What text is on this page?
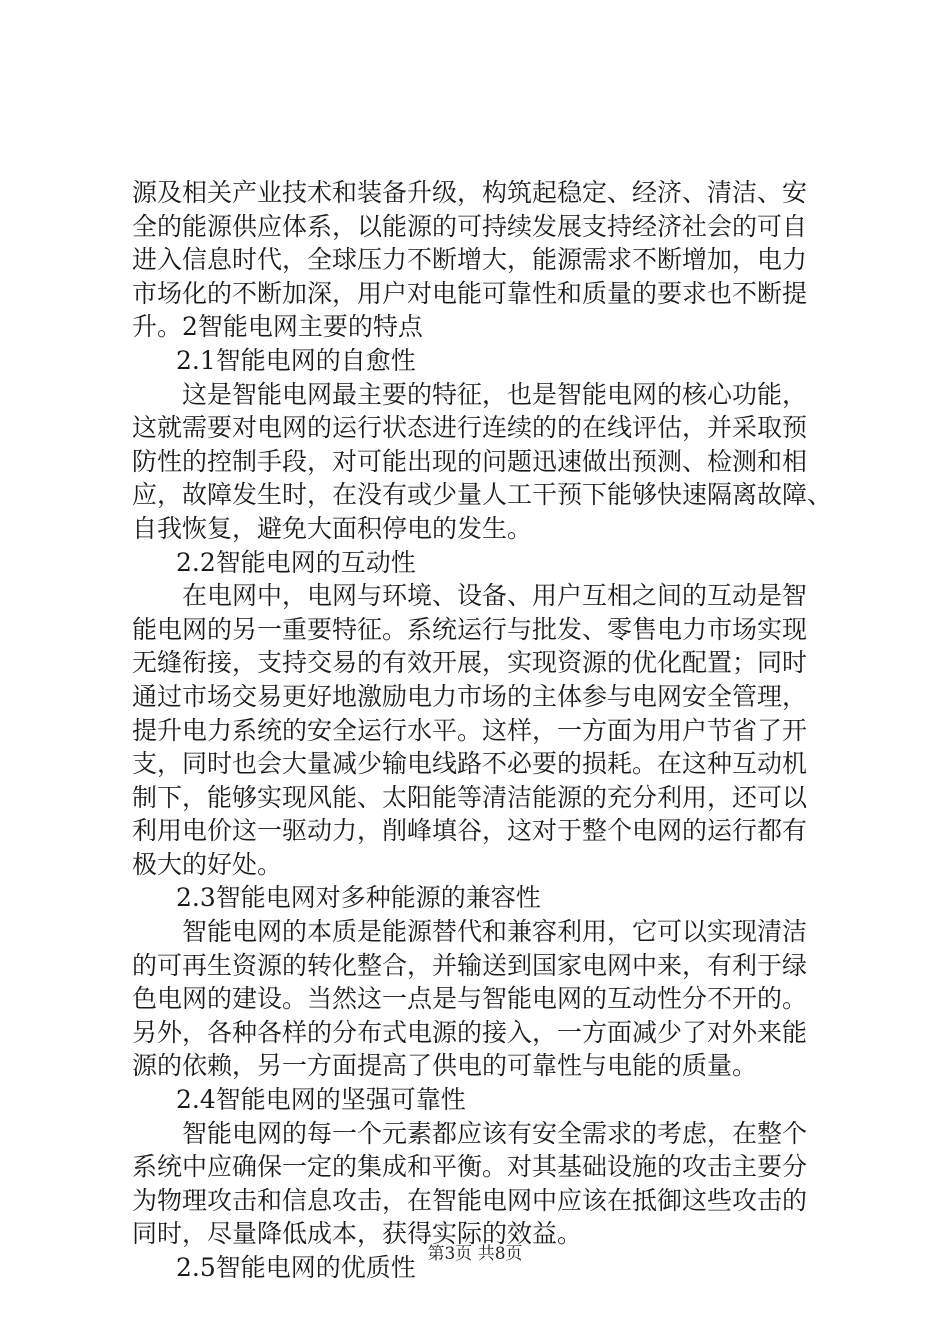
源及相关产业技术和装备升级，构筑起稳定、经济、清洁、安
全的能源供应体系，以能源的可持续发展支持经济社会的可自
进入信息时代，全球压力不断增大，能源需求不断增加，电力
市场化的不断加深，用户对电能可靠性和质量的要求也不断提
升。2智能电网主要的特点
2.1智能电网的自愈性
这是智能电网最主要的特征，也是智能电网的核心功能，
这就需要对电网的运行状态进行连续的的在线评估，并采取预
防性的控制手段，对可能出现的问题迅速做出预测、检测和相
应，故障发生时，在没有或少量人工干预下能够快速隔离故障、
自我恢复，避免大面积停电的发生。
2.2智能电网的互动性
在电网中，电网与环境、设备、用户互相之间的互动是智
能电网的另一重要特征。系统运行与批发、零售电力市场实现
无缝衔接，支持交易的有效开展，实现资源的优化配置；同时
通过市场交易更好地激励电力市场的主体参与电网安全管理，
提升电力系统的安全运行水平。这样，一方面为用户节省了开
支，同时也会大量减少输电线路不必要的损耗。在这种互动机
制下，能够实现风能、太阳能等清洁能源的充分利用，还可以
利用电价这一驱动力，削峰填谷，这对于整个电网的运行都有
极大的好处。
2.3智能电网对多种能源的兼容性
智能电网的本质是能源替代和兼容利用，它可以实现清洁
的可再生资源的转化整合，并输送到国家电网中来，有利于绿
色电网的建设。当然这一点是与智能电网的互动性分不开的。
另外，各种各样的分布式电源的接入，一方面减少了对外来能
源的依赖，另一方面提高了供电的可靠性与电能的质量。
2.4智能电网的坚强可靠性
智能电网的每一个元素都应该有安全需求的考虑，在整个
系统中应确保一定的集成和平衡。对其基础设施的攻击主要分
为物理攻击和信息攻击，在智能电网中应该在抵御这些攻击的
同时，尽量降低成本，获得实际的效益。
2.5智能电网的优质性 第3页 共8页
